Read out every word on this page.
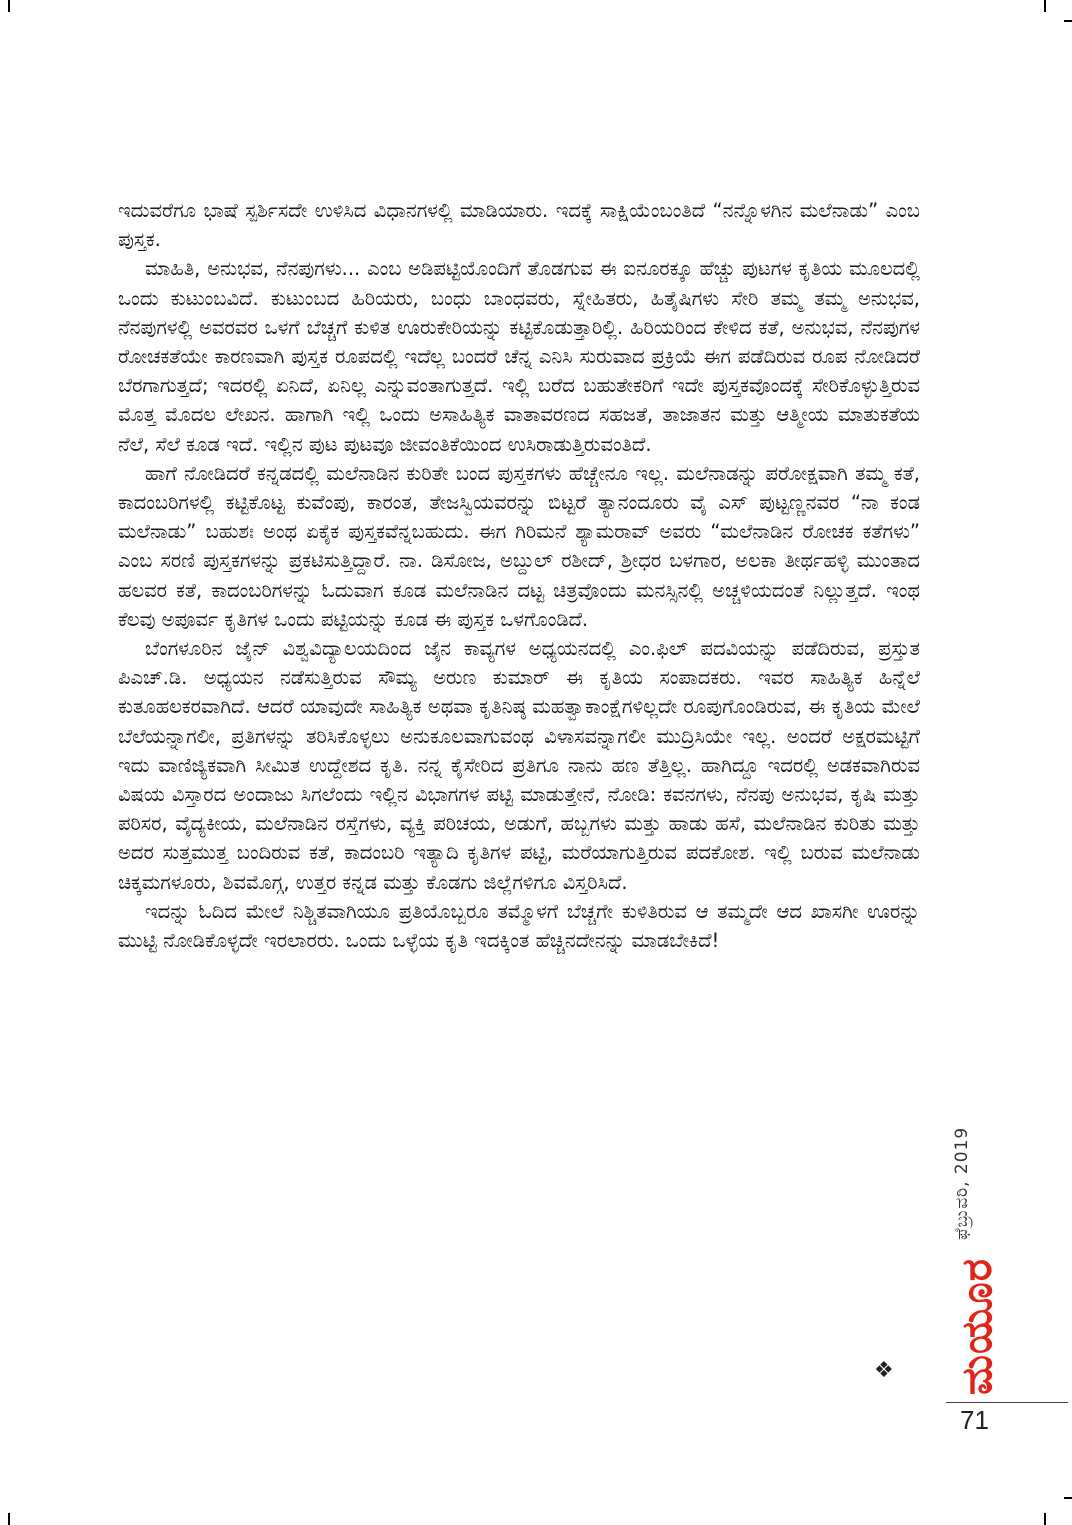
ಇದುವರೆಗೂ ಭಾಷೆ ಸ್ಪರ್ಶಿಸದೇ ಉಳಿಸಿದ ವಿಧಾನಗಳಲ್ಲಿ ಮಾಡಿಯಾರು. ಇದಕ್ಕೆ ಸಾಕ್ಷಿಯೆಂಬಂತಿದೆ “ನನ್ನೊಳಗಿನ ಮಲೆನಾಡು” ಎಂಬ ಪುಸ್ತಕ.

ಮಾಹಿತಿ, ಅನುಭವ, ನೆನಪುಗಳು... ಎಂಬ ಅಡಿಪಟ್ಟಿಯೊಂದಿಗೆ ತೊಡಗುವ ಈ ಐನೂರಕ್ಕೂ ಹೆಚ್ಚು ಪುಟಗಳ ಕೃತಿಯ ಮೂಲದಲ್ಲಿ ಒಂದು ಕುಟುಂಬವಿದೆ. ಕುಟುಂಬದ ಹಿರಿಯರು, ಬಂಧು ಬಾಂಧವರು, ಸ್ನೇಹಿತರು, ಹಿತೈಷಿಗಳು ಸೇರಿ ತಮ್ಮ ತಮ್ಮ ಅನುಭವ, ನೆನಪುಗಳಲ್ಲಿ ಅವರವರ ಒಳಗೆ ಬೆಚ್ಚಗೆ ಕುಳಿತ ಊರುಕೇರಿಯನ್ನು ಕಟ್ಟಿಕೊಡುತ್ತಾರಿಲ್ಲಿ. ಹಿರಿಯರಿಂದ ಕೇಳಿದ ಕತೆ, ಅನುಭವ, ನೆನಪುಗಳ ರೋಚಕತೆಯೇ ಕಾರಣವಾಗಿ ಪುಸ್ತಕ ರೂಪದಲ್ಲಿ ಇದೆಲ್ಲ ಬಂದರೆ ಚೆನ್ನ ಎನಿಸಿ ಸುರುವಾದ ಪ್ರಕ್ರಿಯೆ ಈಗ ಪಡೆದಿರುವ ರೂಪ ನೋಡಿದರೆ ಬೆರಗಾಗುತ್ತದೆ; ಇದರಲ್ಲಿ ಏನಿದೆ, ಏನಿಲ್ಲ ಎನ್ನುವಂತಾಗುತ್ತದೆ. ಇಲ್ಲಿ ಬರೆದ ಬಹುತೇಕರಿಗೆ ಇದೇ ಪುಸ್ತಕವೊಂದಕ್ಕೆ ಸೇರಿಕೊಳ್ಳುತ್ತಿರುವ ಮೊತ್ತ ಮೊದಲ ಲೇಖನ. ಹಾಗಾಗಿ ಇಲ್ಲಿ ಒಂದು ಅಸಾಹಿತ್ಯಿಕ ವಾತಾವರಣದ ಸಹಜತೆ, ತಾಜಾತನ ಮತ್ತು ಆತ್ಮೀಯ ಮಾತುಕತೆಯ ನೆಲೆ, ಸೆಲೆ ಕೂಡ ಇದೆ. ಇಲ್ಲಿನ ಪುಟ ಪುಟವೂ ಜೀವಂತಿಕೆಯಿಂದ ಉಸಿರಾಡುತ್ತಿರುವಂತಿದೆ.

ಹಾಗೆ ನೋಡಿದರೆ ಕನ್ನಡದಲ್ಲಿ ಮಲೆನಾಡಿನ ಕುರಿತೇ ಬಂದ ಪುಸ್ತಕಗಳು ಹೆಚ್ಚೇನೂ ಇಲ್ಲ. ಮಲೆನಾಡನ್ನು ಪರೋಕ್ಷವಾಗಿ ತಮ್ಮ ಕತೆ, ಕಾದಂಬರಿಗಳಲ್ಲಿ ಕಟ್ಟಿಕೊಟ್ಟ ಕುವೆಂಪು, ಕಾರಂತ, ತೇಜಸ್ವಿಯವರನ್ನು ಬಿಟ್ಟರೆ ತ್ಯಾನಂದೂರು ವೈ ಎಸ್ ಪುಟ್ಟಣ್ಣನವರ “ನಾ ಕಂಡ ಮಲೆನಾಡು” ಬಹುಶಃ ಅಂಥ ಏಕೈಕ ಪುಸ್ತಕವೆನ್ನಬಹುದು. ಈಗ ಗಿರಿಮನೆ ಶ್ಯಾಮರಾವ್ ಅವರು “ಮಲೆನಾಡಿನ ರೋಚಕ ಕತೆಗಳು” ಎಂಬ ಸರಣಿ ಪುಸ್ತಕಗಳನ್ನು ಪ್ರಕಟಿಸುತ್ತಿದ್ದಾರೆ. ನಾ. ಡಿಸೋಜ, ಅಬ್ದುಲ್ ರಶೀದ್, ಶ್ರೀಧರ ಬಳಗಾರ, ಅಲಕಾ ತೀರ್ಥಹಳ್ಳಿ ಮುಂತಾದ ಹಲವರ ಕತೆ, ಕಾದಂಬರಿಗಳನ್ನು ಓದುವಾಗ ಕೂಡ ಮಲೆನಾಡಿನ ದಟ್ಟ ಚಿತ್ರವೊಂದು ಮನಸ್ಸಿನಲ್ಲಿ ಅಚ್ಚಳಿಯದಂತೆ ನಿಲ್ಲುತ್ತದೆ. ಇಂಥ ಕೆಲವು ಅಪೂರ್ವ ಕೃತಿಗಳ ಒಂದು ಪಟ್ಟಿಯನ್ನು ಕೂಡ ಈ ಪುಸ್ತಕ ಒಳಗೊಂಡಿದೆ.

ಬೆಂಗಳೂರಿನ ಜೈನ್ ವಿಶ್ವವಿದ್ಯಾಲಯದಿಂದ ಜೈನ ಕಾವ್ಯಗಳ ಅಧ್ಯಯನದಲ್ಲಿ ಎಂ.ಫಿಲ್ ಪದವಿಯನ್ನು ಪಡೆದಿರುವ, ಪ್ರಸ್ತುತ ಪಿಎಚ್.ಡಿ. ಅಧ್ಯಯನ ನಡೆಸುತ್ತಿರುವ ಸೌಮ್ಯ ಅರುಣ ಕುಮಾರ್ ಈ ಕೃತಿಯ ಸಂಪಾದಕರು. ಇವರ ಸಾಹಿತ್ಯಿಕ ಹಿನ್ನೆಲೆ ಕುತೂಹಲಕರವಾಗಿದೆ. ಆದರೆ ಯಾವುದೇ ಸಾಹಿತ್ಯಿಕ ಅಥವಾ ಕೃತಿನಿಷ್ಠ ಮಹತ್ವಾಕಾಂಕ್ಷೆಗಳಿಲ್ಲದೇ ರೂಪುಗೊಂಡಿರುವ, ಈ ಕೃತಿಯ ಮೇಲೆ ಬೆಲೆಯನ್ನಾಗಲೀ, ಪ್ರತಿಗಳನ್ನು ತರಿಸಿಕೊಳ್ಳಲು ಅನುಕೂಲವಾಗುವಂಥ ವಿಳಾಸವನ್ನಾಗಲೀ ಮುದ್ರಿಸಿಯೇ ಇಲ್ಲ. ಅಂದರೆ ಅಕ್ಷರಮಟ್ಟಿಗೆ ಇದು ವಾಣಿಜ್ಯಿಕವಾಗಿ ಸೀಮಿತ ಉದ್ದೇಶದ ಕೃತಿ. ನನ್ನ ಕೈಸೇರಿದ ಪ್ರತಿಗೂ ನಾನು ಹಣ ತೆತ್ತಿಲ್ಲ. ಹಾಗಿದ್ದೂ ಇದರಲ್ಲಿ ಅಡಕವಾಗಿರುವ ವಿಷಯ ವಿಸ್ತಾರದ ಅಂದಾಜು ಸಿಗಲೆಂದು ಇಲ್ಲಿನ ವಿಭಾಗಗಳ ಪಟ್ಟಿ ಮಾಡುತ್ತೇನೆ, ನೋಡಿ: ಕವನಗಳು, ನೆನಪು ಅನುಭವ, ಕೃಷಿ ಮತ್ತು ಪರಿಸರ, ವೈದ್ಯಕೀಯ, ಮಲೆನಾಡಿನ ರಸ್ತೆಗಳು, ವ್ಯಕ್ತಿ ಪರಿಚಯ, ಅಡುಗೆ, ಹಬ್ಬಗಳು ಮತ್ತು ಹಾಡು ಹಸೆ, ಮಲೆನಾಡಿನ ಕುರಿತು ಮತ್ತು ಅದರ ಸುತ್ತಮುತ್ತ ಬಂದಿರುವ ಕತೆ, ಕಾದಂಬರಿ ಇತ್ಯಾದಿ ಕೃತಿಗಳ ಪಟ್ಟಿ, ಮರೆಯಾಗುತ್ತಿರುವ ಪದಕೋಶ. ಇಲ್ಲಿ ಬರುವ ಮಲೆನಾಡು ಚಿಕ್ಕಮಗಳೂರು, ಶಿವಮೊಗ್ಗ, ಉತ್ತರ ಕನ್ನಡ ಮತ್ತು ಕೊಡಗು ಜಿಲ್ಲೆಗಳಿಗೂ ವಿಸ್ತರಿಸಿದೆ.

ಇದನ್ನು ಓದಿದ ಮೇಲೆ ನಿಶ್ಚಿತವಾಗಿಯೂ ಪ್ರತಿಯೊಬ್ಬರೂ ತಮ್ಮೊಳಗೆ ಬೆಚ್ಚಗೇ ಕುಳಿತಿರುವ ಆ ತಮ್ಮದೇ ಆದ ಖಾಸಗೀ ಊರನ್ನು ಮುಟ್ಟಿ ನೋಡಿಕೊಳ್ಳದೇ ಇರಲಾರರು. ಒಂದು ಒಳ್ಳೆಯ ಕೃತಿ ಇದಕ್ಕಿಂತ ಹೆಚ್ಚಿನದೇನನ್ನು ಮಾಡಬೇಕಿದೆ!

❖
ಫೆಬ್ರುವರಿ, 2019
ಮಯೂರ
71
